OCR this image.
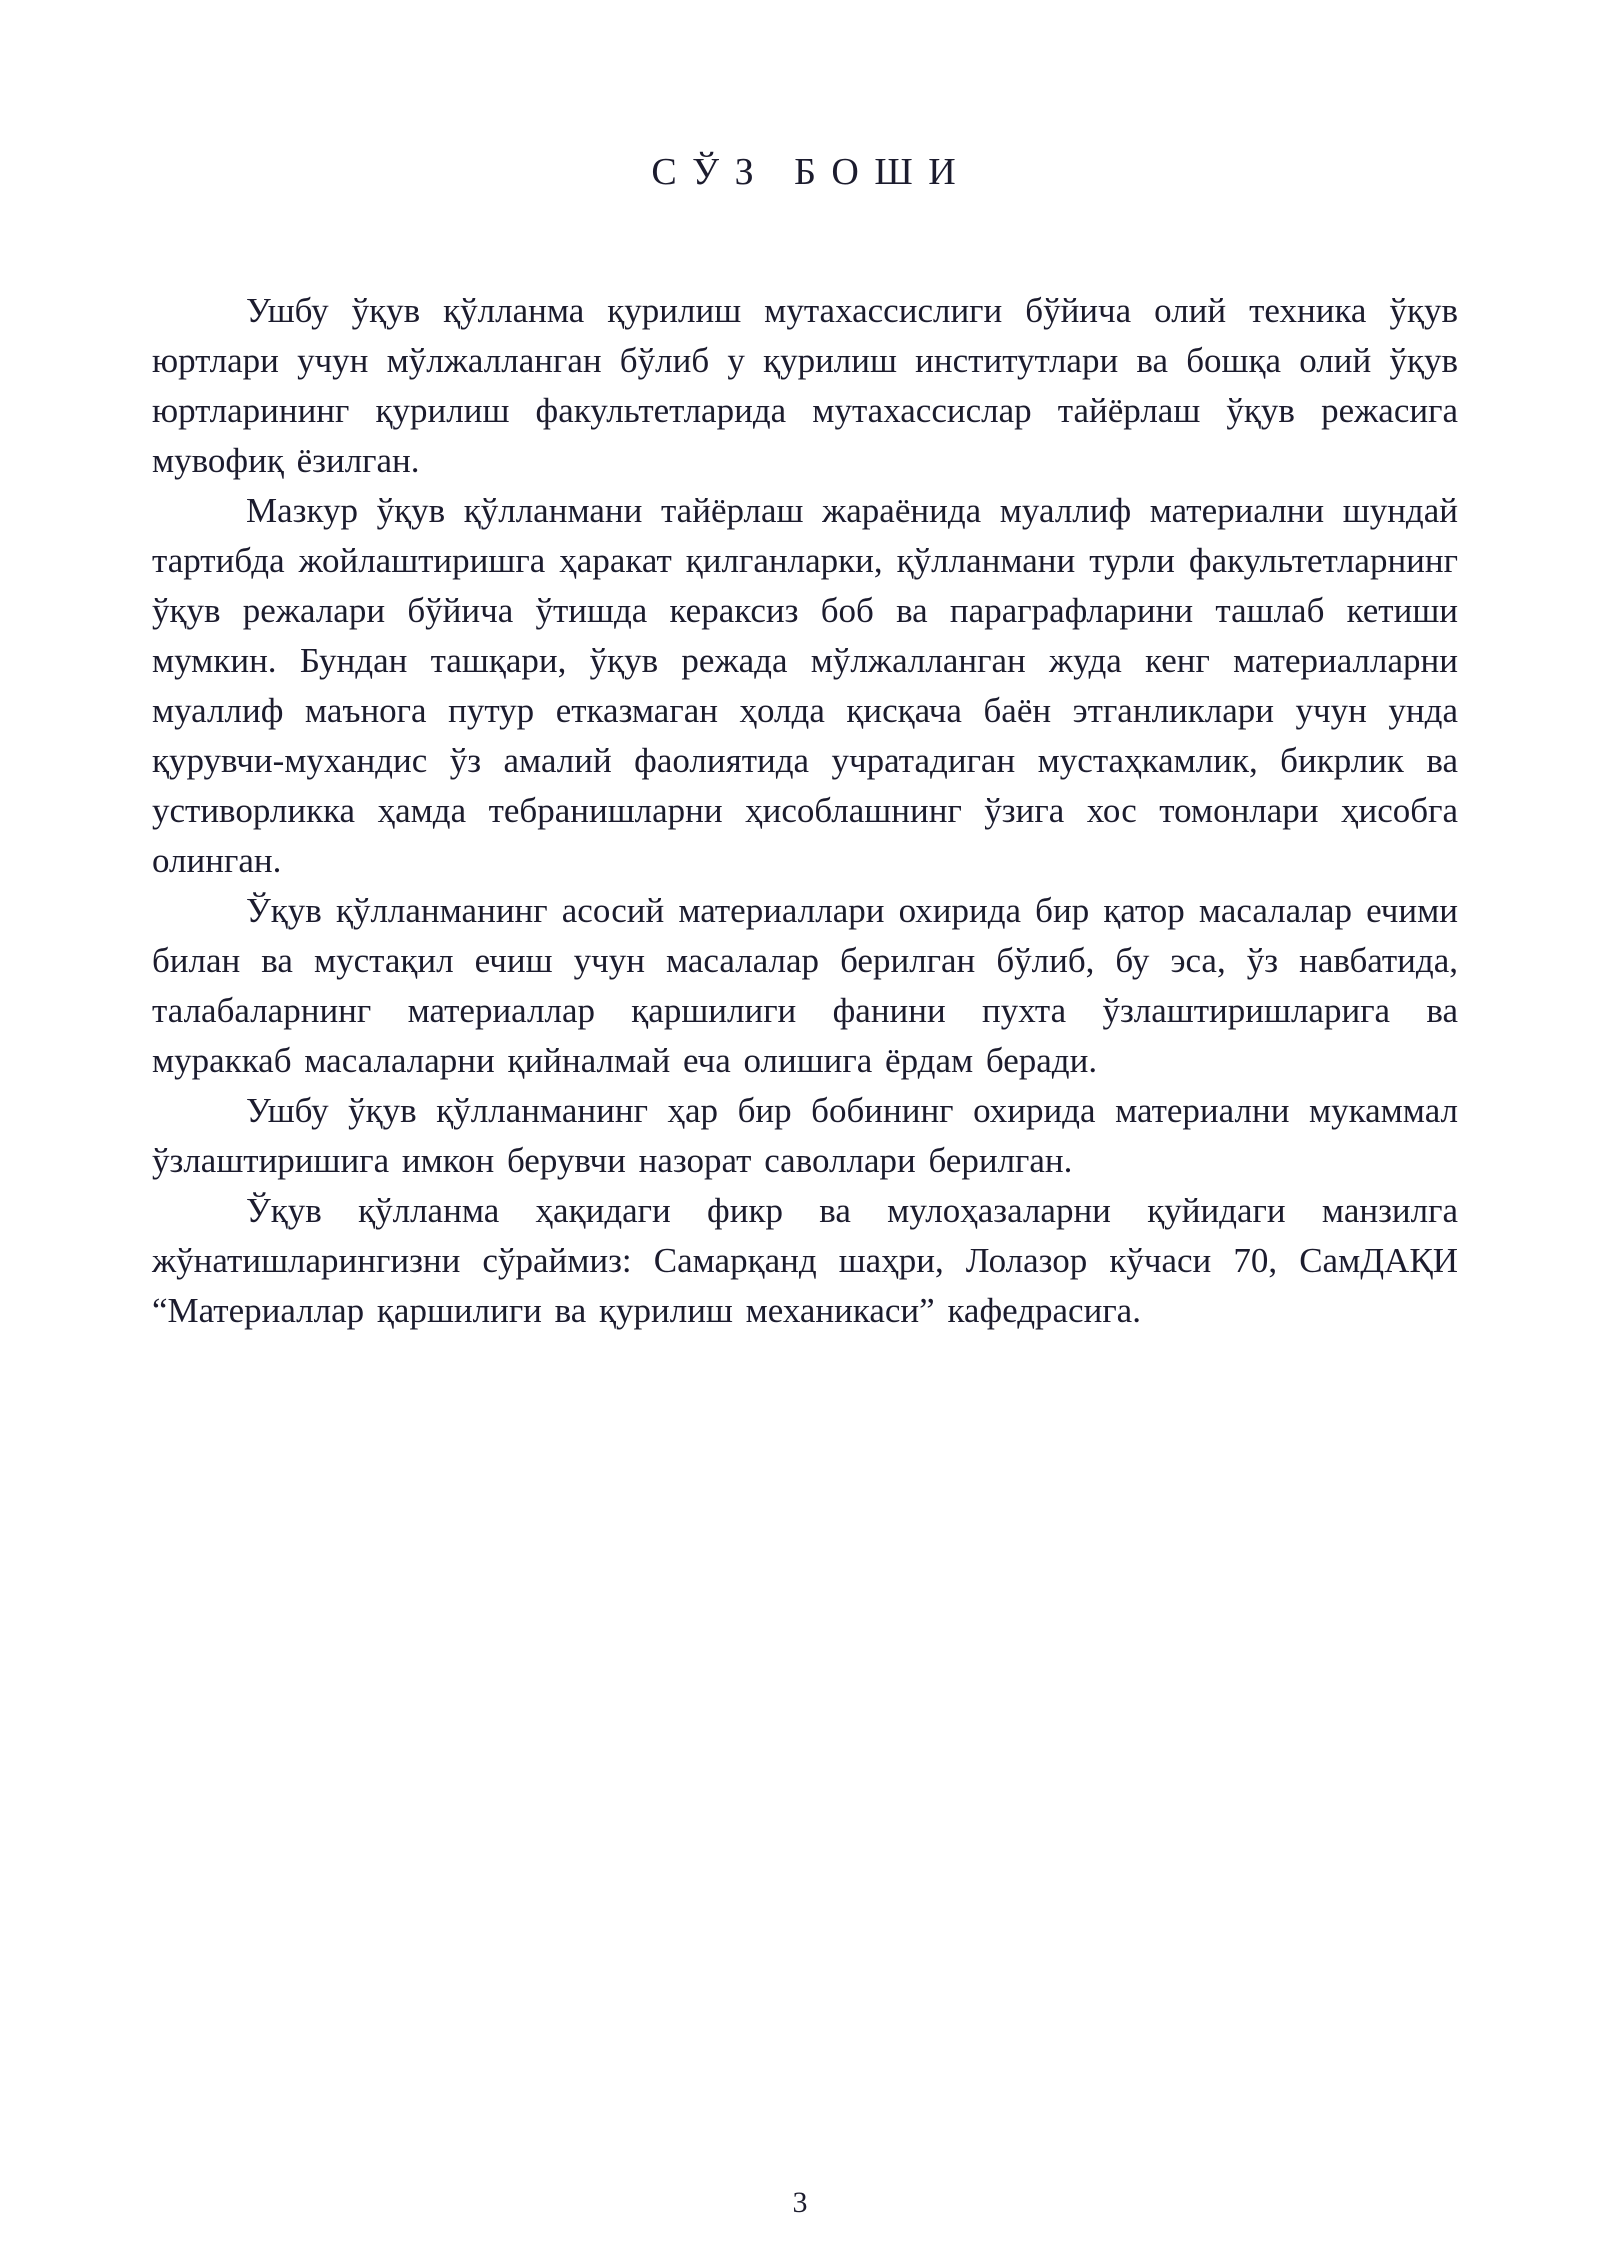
С Ў З   Б О Ш И

Ушбу ўқув қўлланма қурилиш мутахассислиги бўйича олий техника ўқув юртлари учун мўлжалланган бўлиб у қурилиш институтлари ва бошқа олий ўқув юртларининг қурилиш факультетларида мутахассислар тайёрлаш ўқув режасига мувофиқ ёзилган.

Мазкур ўқув қўлланмани тайёрлаш жараёнида муаллиф материални шундай тартибда жойлаштиришга ҳаракат қилганларки, қўлланмани турли факультетларнинг ўқув режалари бўйича ўтишда кераксиз боб ва параграфларини ташлаб кетиши мумкин. Бундан ташқари, ўқув режада мўлжалланган жуда кенг материалларни муаллиф маънога путур етказмаган ҳолда қисқача баён этганликлари учун унда қурувчи-мухандис ўз амалий фаолиятида учратадиган мустаҳкамлик, бикрлик ва устиворликка ҳамда тебранишларни ҳисоблашнинг ўзига хос томонлари ҳисобга олинган.

Ўқув қўлланманинг асосий материаллари охирида бир қатор масалалар ечими билан ва мустақил ечиш учун масалалар берилган бўлиб, бу эса, ўз навбатида, талабаларнинг материаллар қаршилиги фанини пухта ўзлаштиришларига ва мураккаб масалаларни қийналмай еча олишига ёрдам беради.

Ушбу ўқув қўлланманинг ҳар бир бобининг охирида материални мукаммал ўзлаштиришига имкон берувчи назорат саволлари берилган.

Ўқув қўлланма ҳақидаги фикр ва мулоҳазаларни қуйидаги манзилга жўнатишларингизни сўраймиз: Самарқанд шаҳри, Лолазор кўчаси 70, СамДАҚИ “Материаллар қаршилиги ва қурилиш механикаси” кафедрасига.

3
